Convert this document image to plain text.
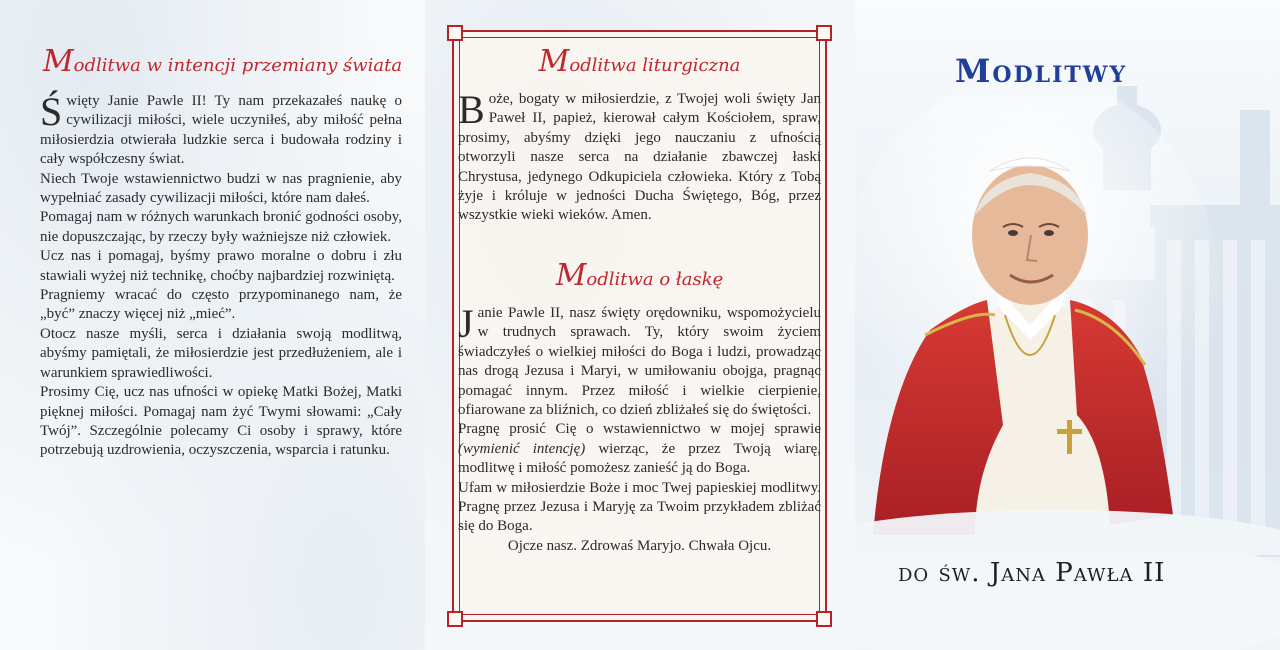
Modlitwa w intencji przemiany świata
Ś więty Janie Pawle II! Ty nam przekazałeś naukę o cywilizacji miłości, wiele uczyniłeś, aby miłość pełna miłosierdzia otwierała ludzkie serca i budowała rodziny i cały współczesny świat.

Niech Twoje wstawiennictwo budzi w nas pragnienie, aby wypełniać zasady cywilizacji miłości, które nam dałeś.

Pomagaj nam w różnych warunkach bronić godności osoby, nie dopuszczając, by rzeczy były ważniejsze niż człowiek.

Ucz nas i pomagaj, byśmy prawo moralne o dobru i złu stawiali wyżej niż technikę, choćby najbardziej rozwiniętą.

Pragniemy wracać do często przypominanego nam, że „być” znaczy więcej niż „mieć”.

Otocz nasze myśli, serca i działania swoją modlitwą, abyśmy pamiętali, że miłosierdzie jest przedłużeniem, ale i warunkiem sprawiedliwości.

Prosimy Cię, ucz nas ufności w opiekę Matki Bożej, Matki pięknej miłości. Pomagaj nam żyć Twymi słowami: „Cały Twój”. Szczególnie polecamy Ci osoby i sprawy, które potrzebują uzdrowienia, oczyszczenia, wsparcia i ratunku.

Modlitwa liturgiczna
B oże, bogaty w miłosierdzie, z Twojej woli święty Jan Paweł II, papież, kierował całym Kościołem, spraw, prosimy, abyśmy dzięki jego nauczaniu z ufnością otworzyli nasze serca na działanie zbawczej łaski Chrystusa, jedynego Odkupiciela człowieka. Który z Tobą żyje i króluje w jedności Ducha Świętego, Bóg, przez wszystkie wieki wieków. Amen.

Modlitwa o łaskę
J anie Pawle II, nasz święty orędowniku, wspomożycielu w trudnych sprawach. Ty, który swoim życiem świadczyłeś o wielkiej miłości do Boga i ludzi, prowadząc nas drogą Jezusa i Maryi, w umiłowaniu obojga, pragnąc pomagać innym. Przez miłość i wielkie cierpienie, ofiarowane za bliźnich, co dzień zbliżałeś się do świętości.

Pragnę prosić Cię o wstawiennictwo w mojej sprawie (wymienić intencję) wierząc, że przez Twoją wiarę, modlitwę i miłość pomożesz zanieść ją do Boga.

Ufam w miłosierdzie Boże i moc Twej papieskiej modlitwy. Pragnę przez Jezusa i Maryję za Twoim przykładem zbliżać się do Boga.

Ojcze nasz. Zdrowaś Maryjo. Chwała Ojcu.

Modlitwy
do św. Jana Pawła II
